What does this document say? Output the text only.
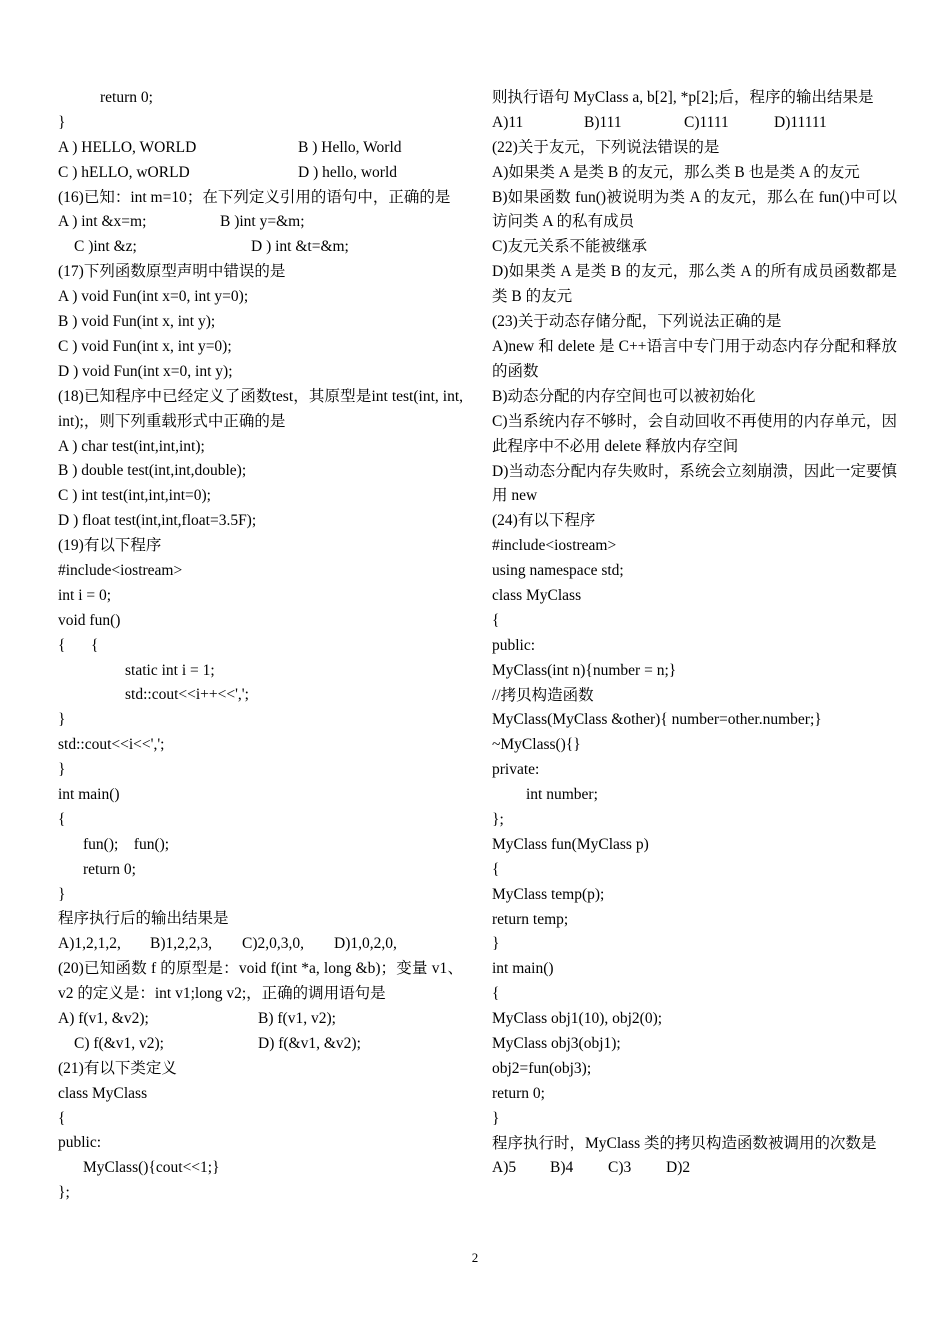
return 0;
}
A ) HELLO, WORLD	B ) Hello, World
C ) hELLO, wORLD	D ) hello, world
(16)已知：int m=10；在下列定义引用的语句中，正确的是
A ) int &x=m;	B )int y=&m;
C )int &z;	D ) int &t=&m;
(17)下列函数原型声明中错误的是
A ) void Fun(int x=0, int y=0);
B ) void Fun(int x, int y);
C ) void Fun(int x, int y=0);
D ) void Fun(int x=0, int y);
(18)已知程序中已经定义了函数test，其原型是int test(int, int, int);，则下列重载形式中正确的是
A ) char test(int,int,int);
B ) double test(int,int,double);
C ) int test(int,int,int=0);
D ) float test(int,int,float=3.5F);
(19)有以下程序
#include<iostream>
int i = 0;
void fun()
{	{
static int i = 1;
std::cout<<i++<<',';
}
std::cout<<i<<',';
}
int main()
{
fun();    fun();
return 0;
}
程序执行后的输出结果是
A)1,2,1,2,	B)1,2,2,3,	C)2,0,3,0,	D)1,0,2,0,
(20)已知函数 f 的原型是：void f(int *a, long &b)；变量 v1、v2 的定义是：int v1;long v2;，正确的调用语句是
A) f(v1, &v2);	B) f(v1, v2);
C) f(&v1, v2);	D) f(&v1, &v2);
(21)有以下类定义
class MyClass
{
public:
MyClass(){cout<<1;}
};
则执行语句 MyClass a, b[2], *p[2];后，程序的输出结果是
A)11	B)111	C)1111	D)11111
(22)关于友元，下列说法错误的是
A)如果类 A 是类 B 的友元，那么类 B 也是类 A 的友元
B)如果函数 fun()被说明为类 A 的友元，那么在 fun()中可以访问类 A 的私有成员
C)友元关系不能被继承
D)如果类 A 是类 B 的友元，那么类 A 的所有成员函数都是类 B 的友元
(23)关于动态存储分配，下列说法正确的是
A)new 和 delete 是 C++语言中专门用于动态内存分配和释放的函数
B)动态分配的内存空间也可以被初始化
C)当系统内存不够时，会自动回收不再使用的内存单元，因此程序中不必用 delete 释放内存空间
D)当动态分配内存失败时，系统会立刻崩溃，因此一定要慎用 new
(24)有以下程序
#include<iostream>
using namespace std;
class MyClass
{
public:
MyClass(int n){number = n;}
//拷贝构造函数
MyClass(MyClass &other){ number=other.number;}
~MyClass(){}
private:
int number;
};
MyClass fun(MyClass p)
{
MyClass temp(p);
return temp;
}
int main()
{
MyClass obj1(10), obj2(0);
MyClass obj3(obj1);
obj2=fun(obj3);
return 0;
}
程序执行时，MyClass 类的拷贝构造函数被调用的次数是
A)5	B)4	C)3	D)2
2
